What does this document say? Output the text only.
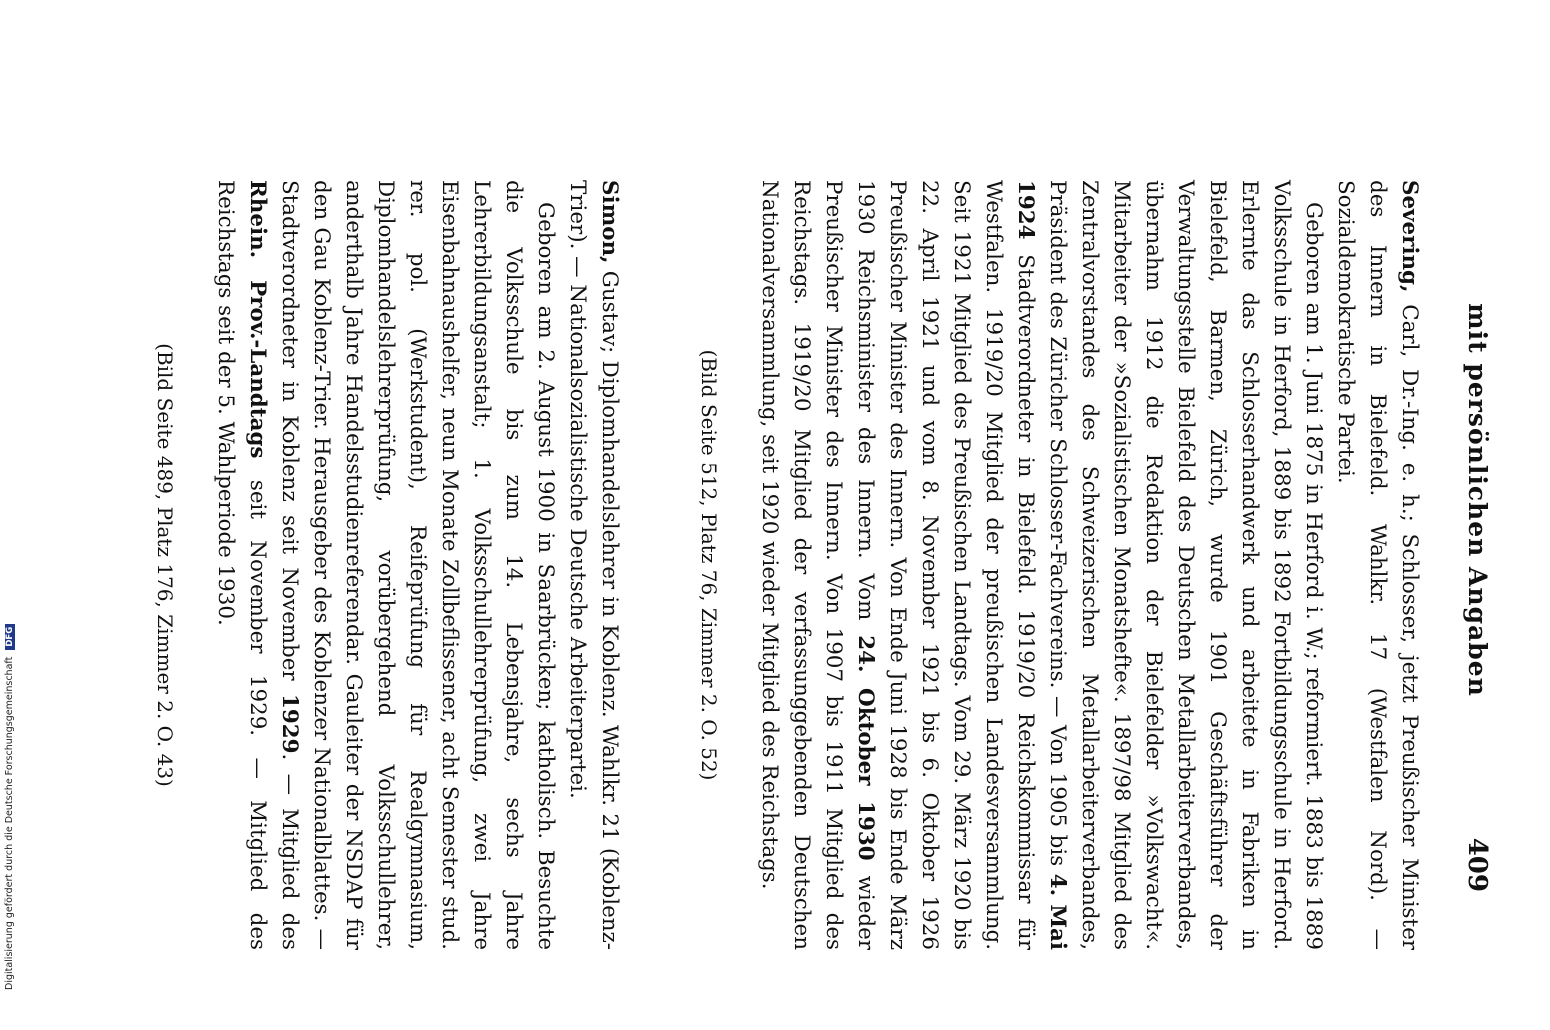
mit persönlichen Angaben
409

Severing, Carl, Dr.-Ing. e. h.; Schlosser, jetzt Preußischer Minister des Innern in Bielefeld. Wahlkr. 17 (Westfalen Nord). — Sozialdemokratische Partei.

Geboren am 1. Juni 1875 in Herford i. W.; reformiert. 1883 bis 1889 Volksschule in Herford, 1889 bis 1892 Fortbildungsschule in Herford. Erlernte das Schlosserhandwerk und arbeitete in Fabriken in Bielefeld, Barmen, Zürich, wurde 1901 Geschäftsführer der Verwaltungsstelle Bielefeld des Deutschen Metallarbeiterverbandes, übernahm 1912 die Redaktion der Bielefelder »Volkswacht«. Mitarbeiter der »Sozialistischen Monatshefte«. 1897/98 Mitglied des Zentralvorstandes des Schweizerischen Metallarbeiterverbandes, Präsident des Züricher Schlosser-Fachvereins. — Von 1905 bis 4. Mai 1924 Stadtverordneter in Bielefeld. 1919/20 Reichskommissar für Westfalen. 1919/20 Mitglied der preußischen Landesversammlung. Seit 1921 Mitglied des Preußischen Landtags. Vom 29. März 1920 bis 22. April 1921 und vom 8. November 1921 bis 6. Oktober 1926 Preußischer Minister des Innern. Von Ende Juni 1928 bis Ende März 1930 Reichsminister des Innern. Vom 24. Oktober 1930 wieder Preußischer Minister des Innern. Von 1907 bis 1911 Mitglied des Reichstags. 1919/20 Mitglied der verfassunggebenden Deutschen Nationalversammlung, seit 1920 wieder Mitglied des Reichstags.

(Bild Seite 512, Platz 76, Zimmer 2. O. 52)

Simon, Gustav; Diplomhandelslehrer in Koblenz. Wahlkr. 21 (Koblenz-Trier). — Nationalsozialistische Deutsche Arbeiterpartei.

Geboren am 2. August 1900 in Saarbrücken; katholisch. Besuchte die Volksschule bis zum 14. Lebensjahre, sechs Jahre Lehrerbildungsanstalt; 1. Volksschullehrerprüfung, zwei Jahre Eisenbahnaushelfer, neun Monate Zollbeflissener, acht Semester stud. rer. pol. (Werkstudent), Reifeprüfung für Realgymnasium, Diplomhandelslehrerprüfung, vorübergehend Volksschullehrer, anderthalb Jahre Handelsstudienreferendar. Gauleiter der NSDAP für den Gau Koblenz-Trier. Herausgeber des Koblenzer Nationalblattes. — Stadtverordneter in Koblenz seit November 1929. — Mitglied des Rhein. Prov.-Landtags seit November 1929. — Mitglied des Reichstags seit der 5. Wahlperiode 1930.

(Bild Seite 489, Platz 176, Zimmer 2. O. 43)
Digitalisierung gefördert durch die Deutsche Forschungsgemeinschaft DFG
